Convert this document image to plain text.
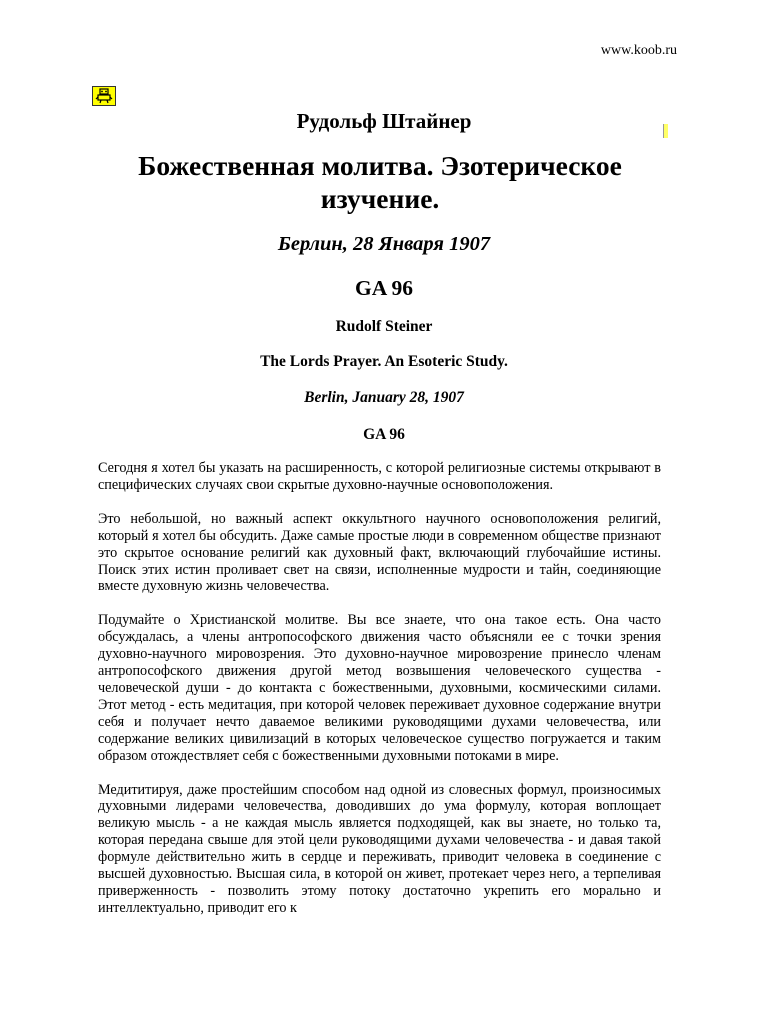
www.koob.ru
Рудольф Штайнер
Божественная молитва. Эзотерическое изучение.
Берлин, 28 Января 1907
GA 96
Rudolf Steiner
The Lords Prayer. An Esoteric Study.
Berlin, January 28, 1907
GA 96

Сегодня я хотел бы указать на расширенность, с которой религиозные системы открывают в специфических случаях свои скрытые духовно-научные основоположения.

Это небольшой, но важный аспект оккультного научного основоположения религий, который я хотел бы обсудить. Даже самые простые люди в современном обществе признают это скрытое основание религий как духовный факт, включающий глубочайшие истины. Поиск этих истин проливает свет на связи, исполненные мудрости и тайн, соединяющие вместе духовную жизнь человечества.

Подумайте о Христианской молитве. Вы все знаете, что она такое есть. Она часто обсуждалась, а члены антропософского движения часто объясняли ее с точки зрения духовно-научного мировозрения. Это духовно-научное мировозрение принесло членам антропософского движения другой метод возвышения человеческого существа - человеческой души - до контакта с божественными, духовными, космическими силами. Этот метод - есть медитация, при которой человек переживает духовное содержание внутри себя и получает нечто даваемое великими руководящими духами человечества, или содержание великих цивилизаций в которых человеческое существо погружается и таким образом отождествляет себя с божественными духовными потоками в мире.

Медититируя, даже простейшим способом над одной из словесных формул, произносимых духовными лидерами человечества, доводивших до ума формулу, которая воплощает великую мысль - а не каждая мысль является подходящей, как вы знаете, но только та, которая передана свыше для этой цели руководящими духами человечества - и давая такой формуле действительно жить в сердце и переживать, приводит человека в соединение с высшей духовностью. Высшая сила, в которой он живет, протекает через него, а терпеливая приверженность - позволить этому потоку достаточно укрепить его морально и интеллектуально, приводит его к
